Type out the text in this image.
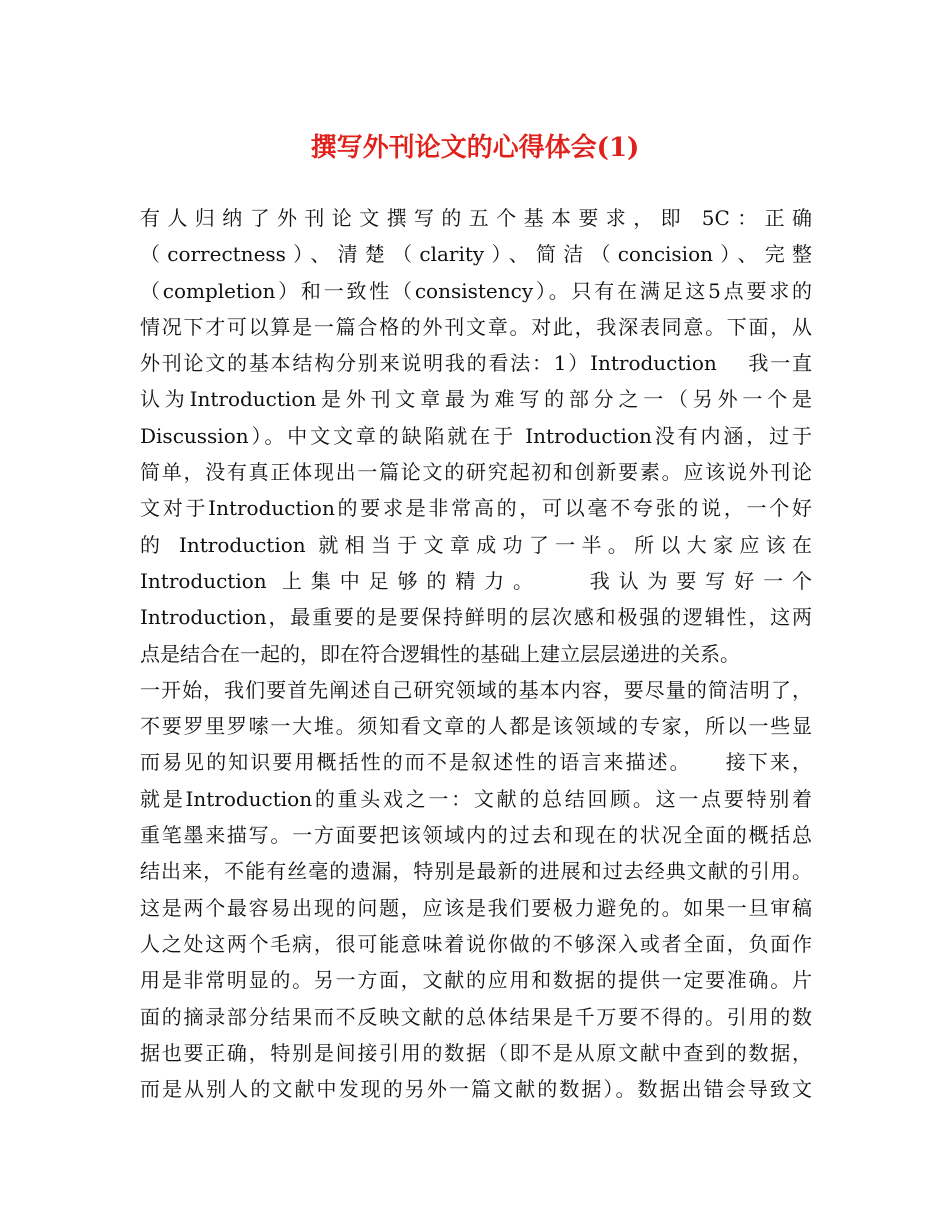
撰写外刊论文的心得体会(1)
有人归纳了外刊论文撰写的五个基本要求，即 5C：正确
（correctness）、清楚（clarity）、简洁（concision）、完整
（completion）和一致性（consistency）。只有在满足这5点要求的
情况下才可以算是一篇合格的外刊文章。对此，我深表同意。下面，从
外刊论文的基本结构分别来说明我的看法：1）Introduction　 我一直
认为Introduction是外刊文章最为难写的部分之一（另外一个是
Discussion）。中文文章的缺陷就在于 Introduction没有内涵，过于
简单，没有真正体现出一篇论文的研究起初和创新要素。应该说外刊论
文对于Introduction的要求是非常高的，可以毫不夸张的说，一个好
的 Introduction 就相当于文章成功了一半。所以大家应该在
Introduction 上集中足够的精力。　　我认为要写好一个
Introduction，最重要的是要保持鲜明的层次感和极强的逻辑性，这两
点是结合在一起的，即在符合逻辑性的基础上建立层层递进的关系。
一开始，我们要首先阐述自己研究领域的基本内容，要尽量的简洁明了，
不要罗里罗嗦一大堆。须知看文章的人都是该领域的专家，所以一些显
而易见的知识要用概括性的而不是叙述性的语言来描述。　　接下来，
就是Introduction的重头戏之一：文献的总结回顾。这一点要特别着
重笔墨来描写。一方面要把该领域内的过去和现在的状况全面的概括总
结出来，不能有丝毫的遗漏，特别是最新的进展和过去经典文献的引用。
这是两个最容易出现的问题，应该是我们要极力避免的。如果一旦审稿
人之处这两个毛病，很可能意味着说你做的不够深入或者全面，负面作
用是非常明显的。另一方面，文献的应用和数据的提供一定要准确。片
面的摘录部分结果而不反映文献的总体结果是千万要不得的。引用的数
据也要正确，特别是间接引用的数据（即不是从原文献中查到的数据，
而是从别人的文献中发现的另外一篇文献的数据）。数据出错会导致文
